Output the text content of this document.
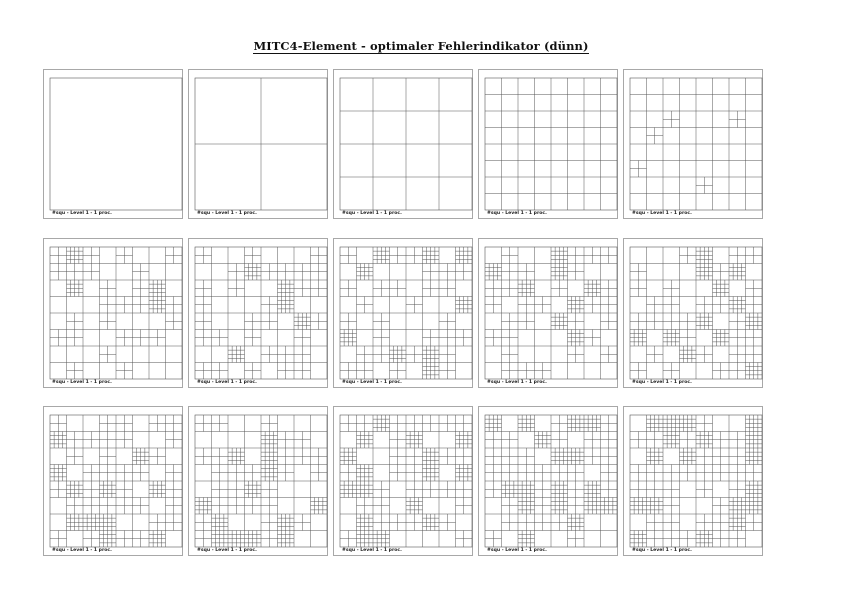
MITC4-Element - optimaler Fehlerindikator (dünn)
#squ - Level 1 - 1 proc.	#squ - Level 1 - 1 proc.	#squ - Level 1 - 1 proc.	#squ - Level 1 - 1 proc.	#squ - Level 1 - 1 proc.
#squ - Level 1 - 1 proc.	#squ - Level 1 - 1 proc.	#squ - Level 1 - 1 proc.	#squ - Level 1 - 1 proc.	#squ - Level 1 - 1 proc.
#squ - Level 1 - 1 proc.	#squ - Level 1 - 1 proc.	#squ - Level 1 - 1 proc.	#squ - Level 1 - 1 proc.	#squ - Level 1 - 1 proc.
